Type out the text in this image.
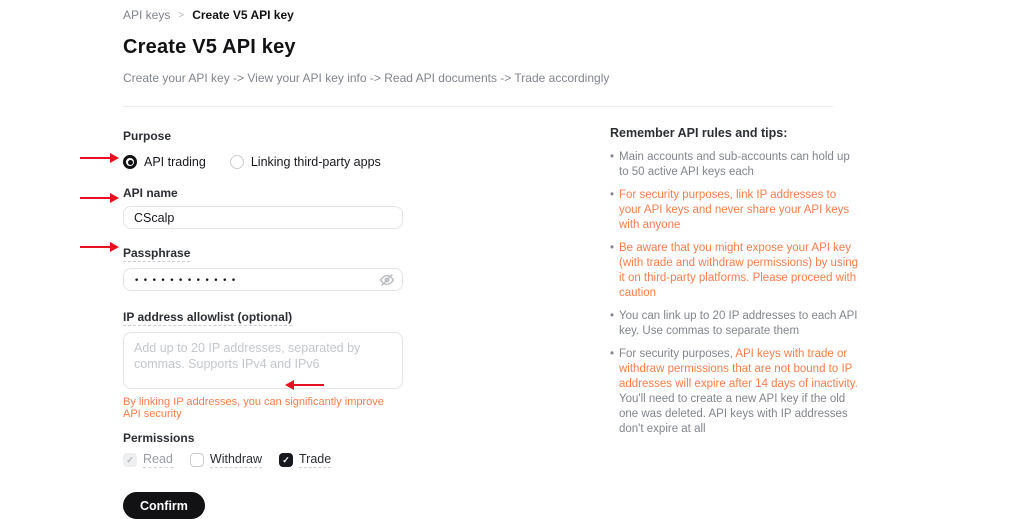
API keys > Create V5 API key
Create V5 API key
Create your API key -> View your API key info -> Read API documents -> Trade accordingly
Purpose
API trading	Linking third-party apps
API name
CScalp Passphrase
••••••••••••
IP address allowlist (optional)
Add up to 20 IP addresses, separated by commas. Supports IPv4 and IPv6
By linking IP addresses, you can significantly improve API security
Permissions
✓ Read	Withdraw	✓ Trade
Confirm
Remember API rules and tips:
• Main accounts and sub-accounts can hold up to 50 active API keys each
• For security purposes, link IP addresses to your API keys and never share your API keys with anyone
• Be aware that you might expose your API key (with trade and withdraw permissions) by using it on third-party platforms. Please proceed with caution
• You can link up to 20 IP addresses to each API key. Use commas to separate them
• For security purposes, API keys with trade or withdraw permissions that are not bound to IP addresses will expire after 14 days of inactivity. You'll need to create a new API key if the old one was deleted. API keys with IP addresses don't expire at all
